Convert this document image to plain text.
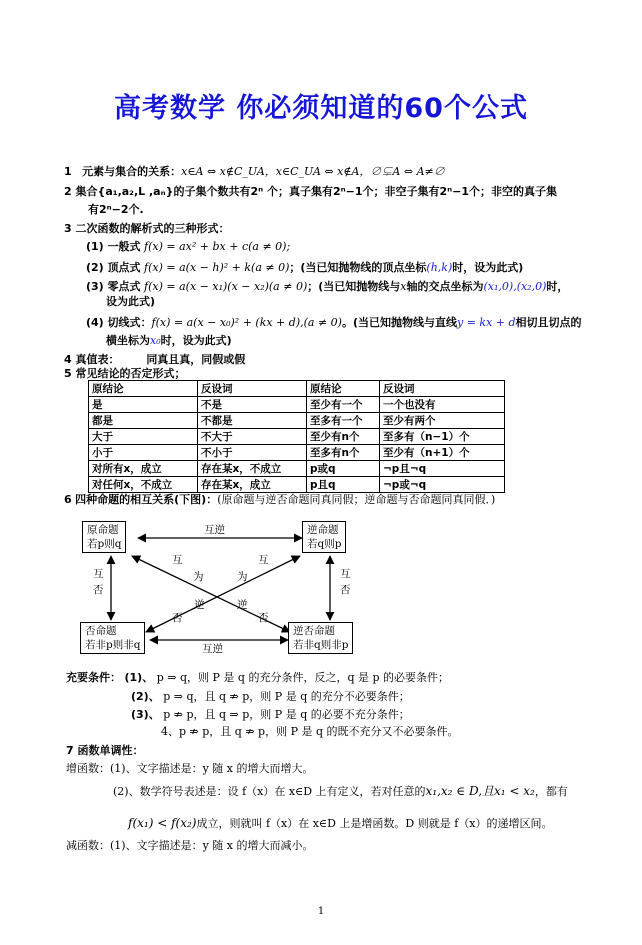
高考数学 你必须知道的60个公式
1 元素与集合的关系：x∈A ⇔ x∉C_UA，x∈C_UA ⇔ x∉A，∅⊊A ⇔ A≠∅
2 集合{a₁,a₂,L ,aₙ}的子集个数共有2ⁿ 个；真子集有2ⁿ−1个；非空子集有2ⁿ−1个；非空的真子集
有2ⁿ−2个.
3 二次函数的解析式的三种形式：
(1) 一般式 f(x) = ax² + bx + c(a ≠ 0);
(2) 顶点式 f(x) = a(x − h)² + k(a ≠ 0)；(当已知抛物线的顶点坐标(h,k)时，设为此式)
(3) 零点式 f(x) = a(x − x₁)(x − x₂)(a ≠ 0)；(当已知抛物线与x轴的交点坐标为(x₁,0),(x₂,0)时，
设为此式)
(4) 切线式：f(x) = a(x − x₀)² + (kx + d),(a ≠ 0)。(当已知抛物线与直线y = kx + d相切且切点的
横坐标为x₀时，设为此式)
4 真值表： 同真且真，同假或假
5 常见结论的否定形式；
原结论	反设词	原结论	反设词
是	不是	至少有一个	一个也没有
都是	不都是	至多有一个	至少有两个
大于	不大于	至少有n个	至多有（n−1）个
小于	不小于	至多有n个	至少有（n+1）个
对所有x，成立	存在某x，不成立	p或q	¬p且¬q
对任何x，不成立	存在某x，成立	p且q	¬p或¬q
6 四种命题的相互关系(下图)：(原命题与逆否命题同真同假；逆命题与否命题同真同假．)
原命题
若p则q
逆命题
若q则p
否命题
若非p则非q
逆否命题
若非q则非p
互逆
互逆
互
否
互
否
互
为
逆
否
互
为
逆
否
充要条件： (1)、 p ⇒ q，则 P 是 q 的充分条件，反之，q 是 p 的必要条件；
(2)、 p ⇒ q，且 q ⇏ p，则 P 是 q 的充分不必要条件；
(3)、 p ⇏ p，且 q ⇒ p，则 P 是 q 的必要不充分条件；
4、p ⇏ p，且 q ⇏ p，则 P 是 q 的既不充分又不必要条件。
7 函数单调性：
增函数：(1)、文字描述是：y 随 x 的增大而增大。
(2)、数学符号表述是：设 f（x）在 x∈D 上有定义，若对任意的x₁,x₂ ∈ D,且x₁ < x₂，都有
f(x₁) < f(x₂)成立，则就叫 f（x）在 x∈D 上是增函数。D 则就是 f（x）的递增区间。
减函数：(1)、文字描述是：y 随 x 的增大而减小。
1
